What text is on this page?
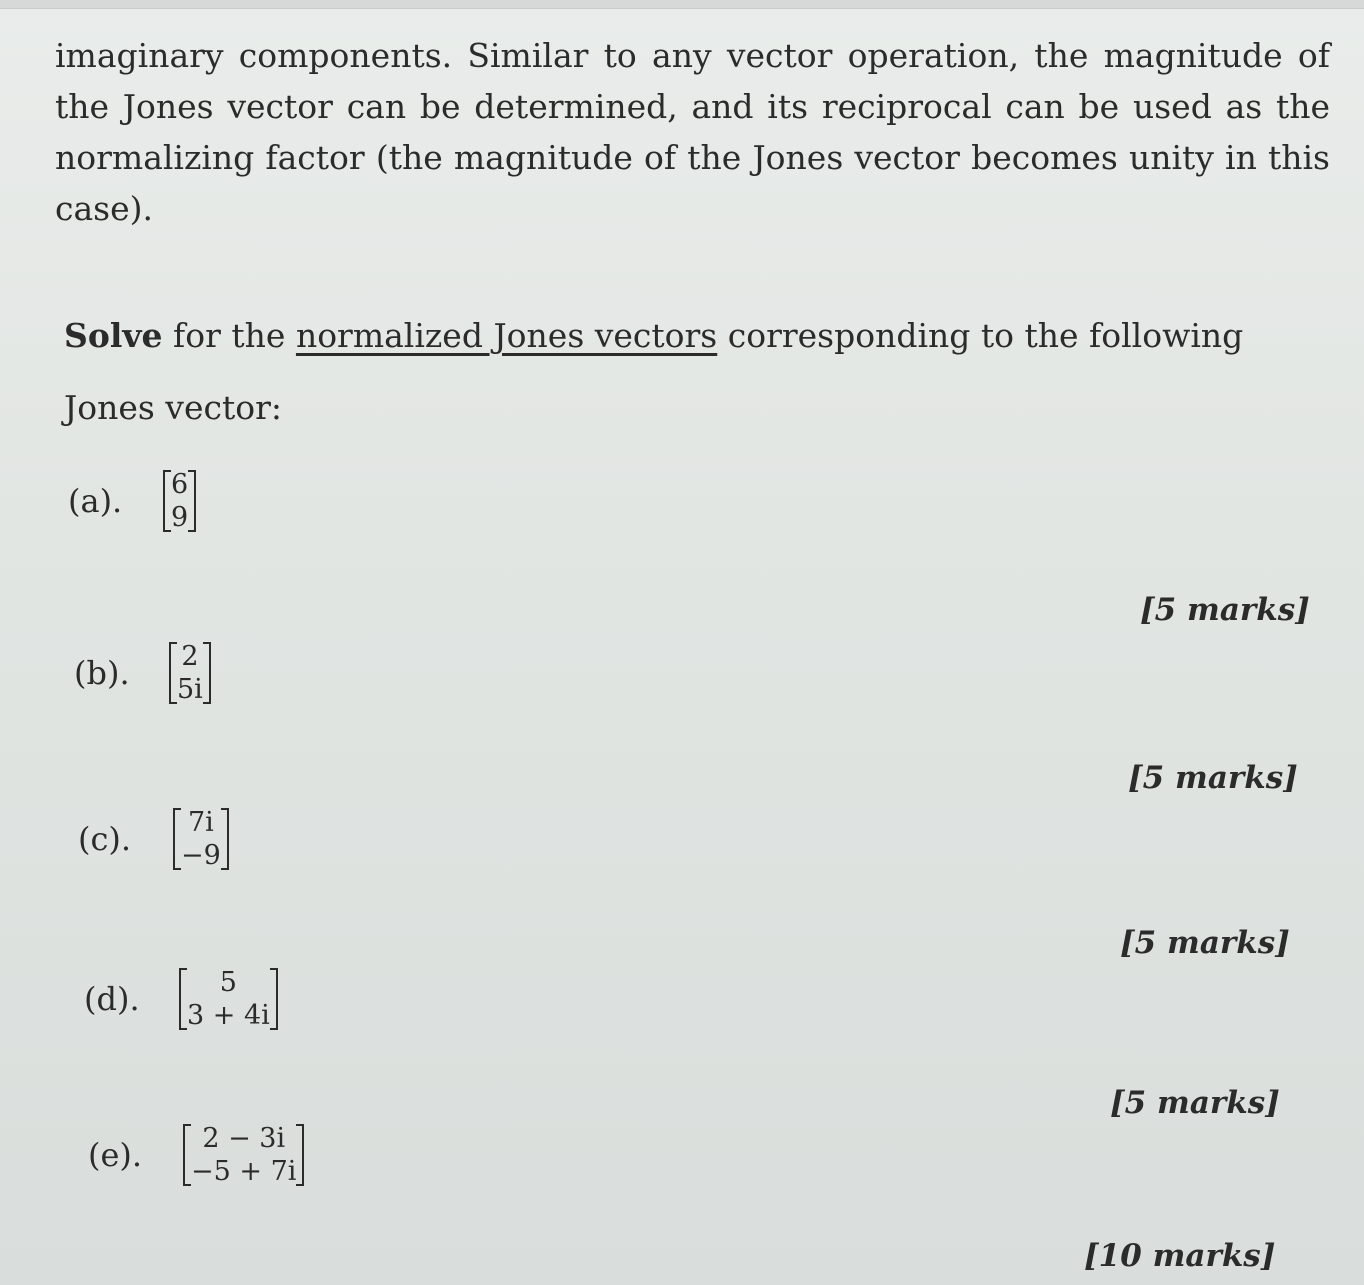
imaginary components. Similar to any vector operation, the magnitude of the Jones vector can be determined, and its reciprocal can be used as the normalizing factor (the magnitude of the Jones vector becomes unity in this case).

Solve for the normalized Jones vectors corresponding to the following Jones vector:

(a).	6
9
[5 marks]
(b).	2
5i
[5 marks]
(c).	7i
−9
[5 marks]
(d).	5
3 + 4i
[5 marks]
(e).	2 − 3i
−5 + 7i
[10 marks]
